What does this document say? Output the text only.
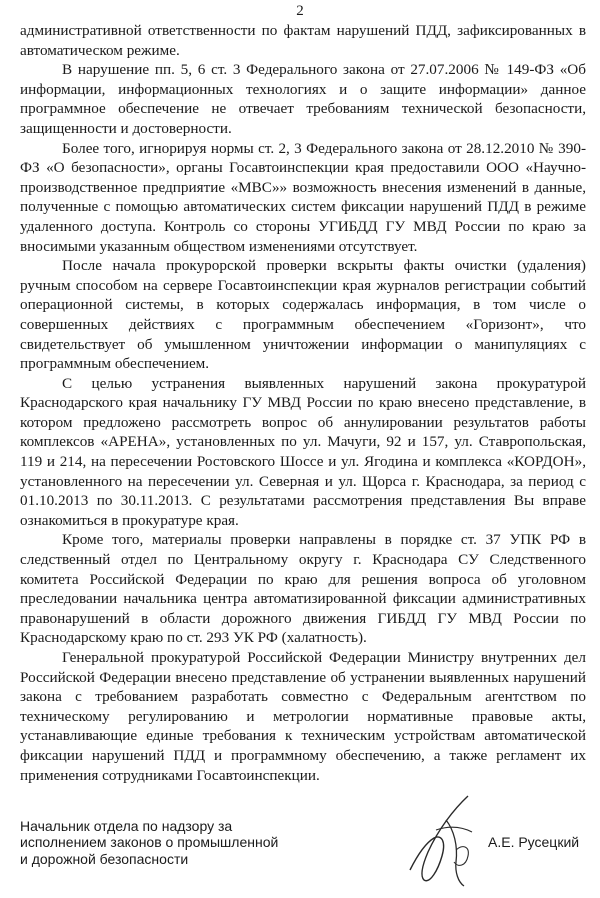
2

административной ответственности по фактам нарушений ПДД, зафиксированных в автоматическом режиме.

В нарушение пп. 5, 6 ст. 3 Федерального закона от 27.07.2006 № 149-ФЗ «Об информации, информационных технологиях и о защите информации» данное программное обеспечение не отвечает требованиям технической безопасности, защищенности и достоверности.

Более того, игнорируя нормы ст. 2, 3 Федерального закона от 28.12.2010 № 390-ФЗ «О безопасности», органы Госавтоинспекции края предоставили ООО «Научно-производственное предприятие «МВС»» возможность внесения изменений в данные, полученные с помощью автоматических систем фиксации нарушений ПДД в режиме удаленного доступа. Контроль со стороны УГИБДД ГУ МВД России по краю за вносимыми указанным обществом изменениями отсутствует.

После начала прокурорской проверки вскрыты факты очистки (удаления) ручным способом на сервере Госавтоинспекции края журналов регистрации событий операционной системы, в которых содержалась информация, в том числе о совершенных действиях с программным обеспечением «Горизонт», что свидетельствует об умышленном уничтожении информации о манипуляциях с программным обеспечением.

С целью устранения выявленных нарушений закона прокуратурой Краснодарского края начальнику ГУ МВД России по краю внесено представление, в котором предложено рассмотреть вопрос об аннулировании результатов работы комплексов «АРЕНА», установленных по ул. Мачуги, 92 и 157, ул. Ставропольская, 119 и 214, на пересечении Ростовского Шоссе и ул. Ягодина и комплекса «КОРДОН», установленного на пересечении ул. Северная и ул. Щорса г. Краснодара, за период с 01.10.2013 по 30.11.2013. С результатами рассмотрения представления Вы вправе ознакомиться в прокуратуре края.

Кроме того, материалы проверки направлены в порядке ст. 37 УПК РФ в следственный отдел по Центральному округу г. Краснодара СУ Следственного комитета Российской Федерации по краю для решения вопроса об уголовном преследовании начальника центра автоматизированной фиксации административных правонарушений в области дорожного движения ГИБДД ГУ МВД России по Краснодарскому краю по ст. 293 УК РФ (халатность).

Генеральной прокуратурой Российской Федерации Министру внутренних дел Российской Федерации внесено представление об устранении выявленных нарушений закона с требованием разработать совместно с Федеральным агентством по техническому регулированию и метрологии нормативные правовые акты, устанавливающие единые требования к техническим устройствам автоматической фиксации нарушений ПДД и программному обеспечению, а также регламент их применения сотрудниками Госавтоинспекции.

Начальник отдела по надзору за
исполнением законов о промышленной
и дорожной безопасности
А.Е. Русецкий
